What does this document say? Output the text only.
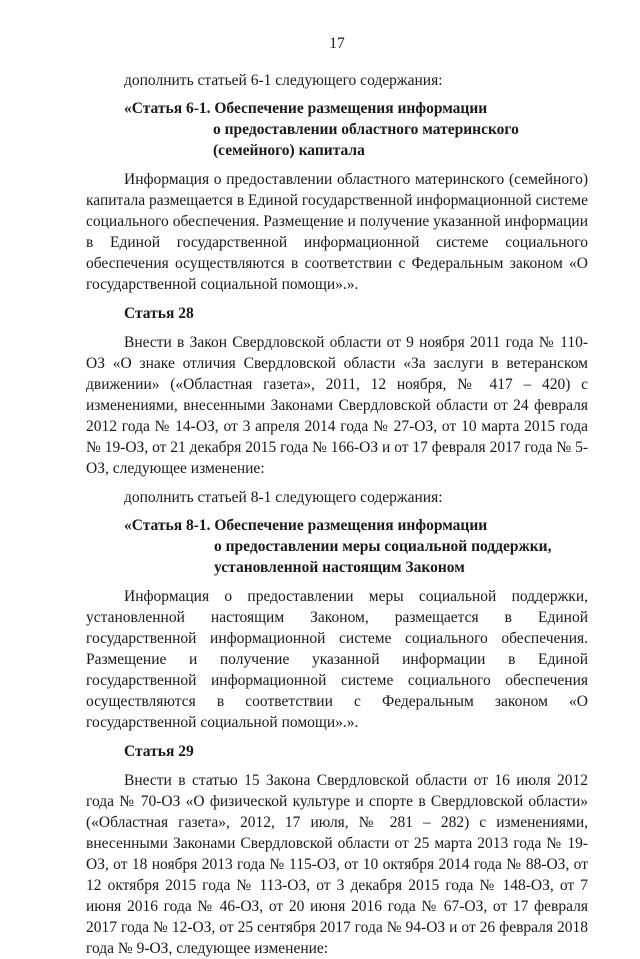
17

дополнить статьей 6-1 следующего содержания:

«Статья 6-1. Обеспечение размещения информации
о предоставлении областного материнского
(семейного) капитала

Информация о предоставлении областного материнского (семейного) капитала размещается в Единой государственной информационной системе социального обеспечения. Размещение и получение указанной информации в Единой государственной информационной системе социального обеспечения осуществляются в соответствии с Федеральным законом «О государственной социальной помощи».».

Статья 28

Внести в Закон Свердловской области от 9 ноября 2011 года № 110-ОЗ «О знаке отличия Свердловской области «За заслуги в ветеранском движении» («Областная газета», 2011, 12 ноября, № 417 – 420) с изменениями, внесенными Законами Свердловской области от 24 февраля 2012 года № 14-ОЗ, от 3 апреля 2014 года № 27-ОЗ, от 10 марта 2015 года № 19-ОЗ, от 21 декабря 2015 года № 166-ОЗ и от 17 февраля 2017 года № 5-ОЗ, следующее изменение:

дополнить статьей 8-1 следующего содержания:

«Статья 8-1. Обеспечение размещения информации
о предоставлении меры социальной поддержки,
установленной настоящим Законом

Информация о предоставлении меры социальной поддержки, установленной настоящим Законом, размещается в Единой государственной информационной системе социального обеспечения. Размещение и получение указанной информации в Единой государственной информационной системе социального обеспечения осуществляются в соответствии с Федеральным законом «О государственной социальной помощи».».

Статья 29

Внести в статью 15 Закона Свердловской области от 16 июля 2012 года № 70-ОЗ «О физической культуре и спорте в Свердловской области» («Областная газета», 2012, 17 июля, № 281 – 282) с изменениями, внесенными Законами Свердловской области от 25 марта 2013 года № 19-ОЗ, от 18 ноября 2013 года № 115-ОЗ, от 10 октября 2014 года № 88-ОЗ, от 12 октября 2015 года № 113-ОЗ, от 3 декабря 2015 года № 148-ОЗ, от 7 июня 2016 года № 46-ОЗ, от 20 июня 2016 года № 67-ОЗ, от 17 февраля 2017 года № 12-ОЗ, от 25 сентября 2017 года № 94-ОЗ и от 26 февраля 2018 года № 9-ОЗ, следующее изменение:
